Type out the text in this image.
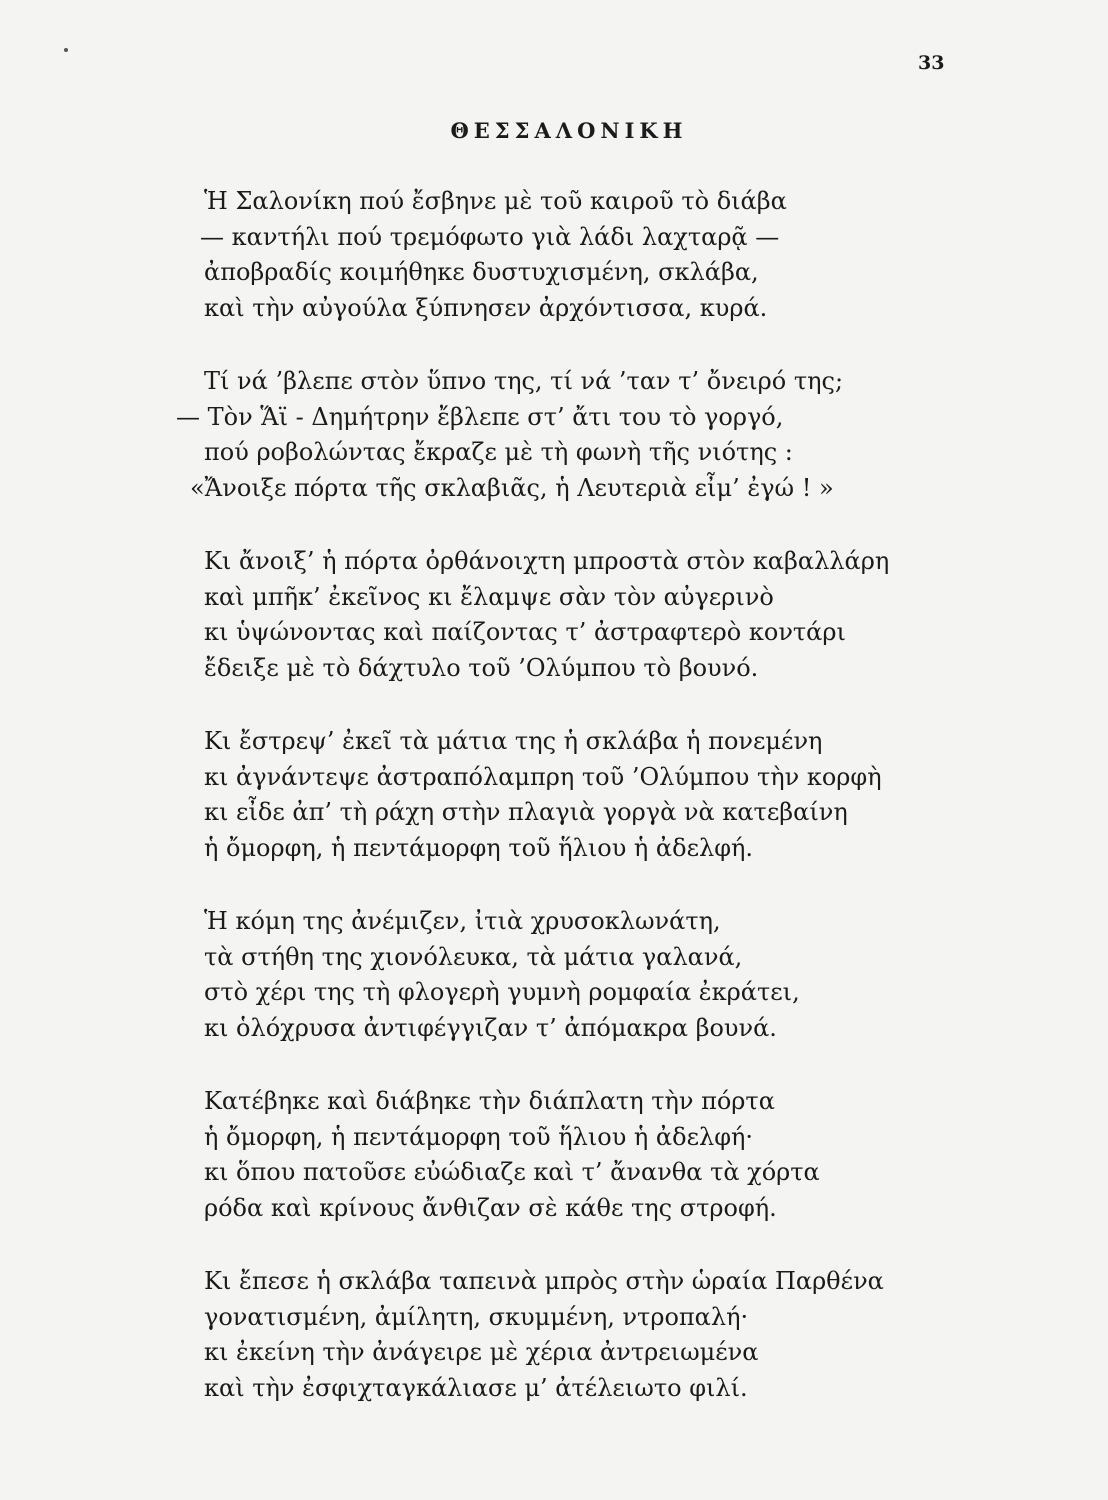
33
ΘΕΣΣΑΛΟΝΙΚΗ
Ἡ Σαλονίκη πού ἔσβηνε μὲ τοῦ καιροῦ τὸ διάβα
— καντήλι πού τρεμόφωτο γιὰ λάδι λαχταρᾷ —
ἀποβραδίς κοιμήθηκε δυστυχισμένη, σκλάβα,
καὶ τὴν αὐγούλα ξύπνησεν ἀρχόντισσα, κυρά.
Τί νά ’βλεπε στὸν ὕπνο της, τί νά ’ταν τ’ ὄνειρό της;
— Τὸν Ἅϊ - Δημήτρην ἔβλεπε στ’ ἄτι του τὸ γοργό,
πού ροβολώντας ἔκραζε μὲ τὴ φωνὴ τῆς νιότης :
«Ἄνοιξε πόρτα τῆς σκλαβιᾶς, ἡ Λευτεριὰ εἶμ’ ἐγώ ! »
Κι ἄνοιξ’ ἡ πόρτα ὀρθάνοιχτη μπροστὰ στὸν καβαλλάρη
καὶ μπῆκ’ ἐκεῖνος κι ἔλαμψε σὰν τὸν αὐγερινὸ
κι ὑψώνοντας καὶ παίζοντας τ’ ἀστραφτερὸ κοντάρι
ἔδειξε μὲ τὸ δάχτυλο τοῦ ’Ολύμπου τὸ βουνό.
Κι ἔστρεψ’ ἐκεῖ τὰ μάτια της ἡ σκλάβα ἡ πονεμένη
κι ἀγνάντεψε ἀστραπόλαμπρη τοῦ ’Ολύμπου τὴν κορφὴ
κι εἶδε ἀπ’ τὴ ράχη στὴν πλαγιὰ γοργὰ νὰ κατεβαίνη
ἡ ὄμορφη, ἡ πεντάμορφη τοῦ ἥλιου ἡ ἀδελφή.
Ἡ κόμη της ἀνέμιζεν, ἰτιὰ χρυσοκλωνάτη,
τὰ στήθη της χιονόλευκα, τὰ μάτια γαλανά,
στὸ χέρι της τὴ φλογερὴ γυμνὴ ρομφαία ἐκράτει,
κι ὁλόχρυσα ἀντιφέγγιζαν τ’ ἀπόμακρα βουνά.
Κατέβηκε καὶ διάβηκε τὴν διάπλατη τὴν πόρτα
ἡ ὄμορφη, ἡ πεντάμορφη τοῦ ἥλιου ἡ ἀδελφή·
κι ὅπου πατοῦσε εὐώδιαζε καὶ τ’ ἄνανθα τὰ χόρτα
ρόδα καὶ κρίνους ἄνθιζαν σὲ κάθε της στροφή.
Κι ἔπεσε ἡ σκλάβα ταπεινὰ μπρὸς στὴν ὡραία Παρθένα
γονατισμένη, ἀμίλητη, σκυμμένη, ντροπαλή·
κι ἐκείνη τὴν ἀνάγειρε μὲ χέρια ἀντρειωμένα
καὶ τὴν ἐσφιχταγκάλιασε μ’ ἀτέλειωτο φιλί.
